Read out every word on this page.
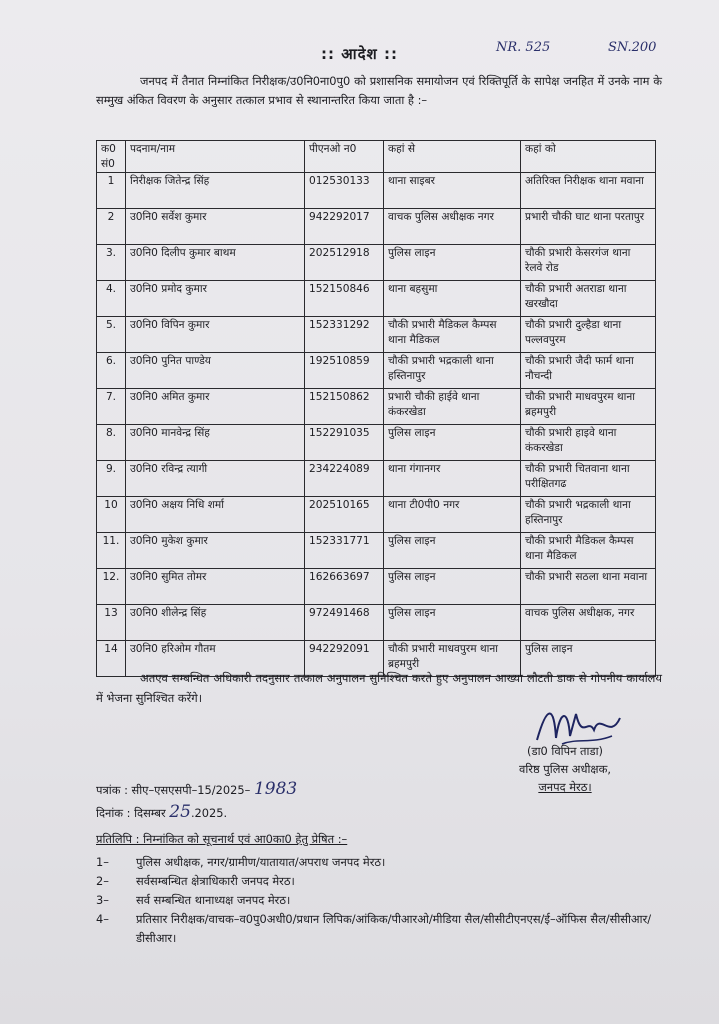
NR. 525	SN.200
:: आदेश ::
जनपद में तैनात निम्नांकित निरीक्षक/उ0नि0ना0पु0 को प्रशासनिक समायोजन एवं रिक्तिपूर्ति के सापेक्ष जनहित में उनके नाम के सम्मुख अंकित विवरण के अनुसार तत्काल प्रभाव से स्थानान्तरित किया जाता है :–
क0 सं0	पदनाम/नाम	पीएनओ न0	कहां से	कहां को
1	निरीक्षक जितेन्द्र सिंह	012530133	थाना साइबर	अतिरिक्त निरीक्षक थाना मवाना
2	उ0नि0 सर्वेश कुमार	942292017	वाचक पुलिस अधीक्षक नगर	प्रभारी चौकी घाट थाना परतापुर
3.	उ0नि0 दिलीप कुमार बाथम	202512918	पुलिस लाइन	चौकी प्रभारी केसरगंज थाना रेलवे रोड
4.	उ0नि0 प्रमोद कुमार	152150846	थाना बहसुमा	चौकी प्रभारी अतराडा थाना खरखौदा
5.	उ0नि0 विपिन कुमार	152331292	चौकी प्रभारी मैडिकल कैम्पस थाना मैडिकल	चौकी प्रभारी दुल्हैडा थाना पल्लवपुरम
6.	उ0नि0 पुनित पाण्डेय	192510859	चौकी प्रभारी भद्रकाली थाना हस्तिनापुर	चौकी प्रभारी जैदी फार्म थाना नौचन्दी
7.	उ0नि0 अमित कुमार	152150862	प्रभारी चौकी हाईवे थाना कंकरखेडा	चौकी प्रभारी माधवपुरम थाना ब्रहमपुरी
8.	उ0नि0 मानवेन्द्र सिंह	152291035	पुलिस लाइन	चौकी प्रभारी हाइवे थाना कंकरखेडा
9.	उ0नि0 रविन्द्र त्यागी	234224089	थाना गंगानगर	चौकी प्रभारी चितवाना थाना परीक्षितगढ
10	उ0नि0 अक्षय निधि शर्मा	202510165	थाना टी0पी0 नगर	चौकी प्रभारी भद्रकाली थाना हस्तिनापुर
11.	उ0नि0 मुकेश कुमार	152331771	पुलिस लाइन	चौकी प्रभारी मैडिकल कैम्पस थाना मैडिकल
12.	उ0नि0 सुमित तोमर	162663697	पुलिस लाइन	चौकी प्रभारी सठला थाना मवाना
13	उ0नि0 शीलेन्द्र सिंह	972491468	पुलिस लाइन	वाचक पुलिस अधीक्षक, नगर
14	उ0नि0 हरिओम गौतम	942292091	चौकी प्रभारी माधवपुरम थाना ब्रहमपुरी	पुलिस लाइन
अतएव सम्बन्धित अधिकारी तदनुसार तत्काल अनुपालन सुनिश्चित करते हुए अनुपालन आख्या लौटती डाक से गोपनीय कार्यालय में भेजना सुनिश्चित करेंगे।
(डा0 विपिन ताडा)
वरिष्ठ पुलिस अधीक्षक,
जनपद मेरठ।
पत्रांक : सीए–एसएसपी–15/2025– 1983
दिनांक : दिसम्बर 25.2025.
प्रतिलिपि : निम्नांकित को सूचनार्थ एवं आ0का0 हेतु प्रेषित :–
1–	पुलिस अधीक्षक, नगर/ग्रामीण/यातायात/अपराध जनपद मेरठ।
2–	सर्वसम्बन्धित क्षेत्राधिकारी जनपद मेरठ।
3–	सर्व सम्बन्धित थानाध्यक्ष जनपद मेरठ।
4–	प्रतिसार निरीक्षक/वाचक–व0पु0अधी0/प्रधान लिपिक/आंकिक/पीआरओ/मीडिया सैल/सीसीटीएनएस/ई–ऑफिस सैल/सीसीआर/डीसीआर।
